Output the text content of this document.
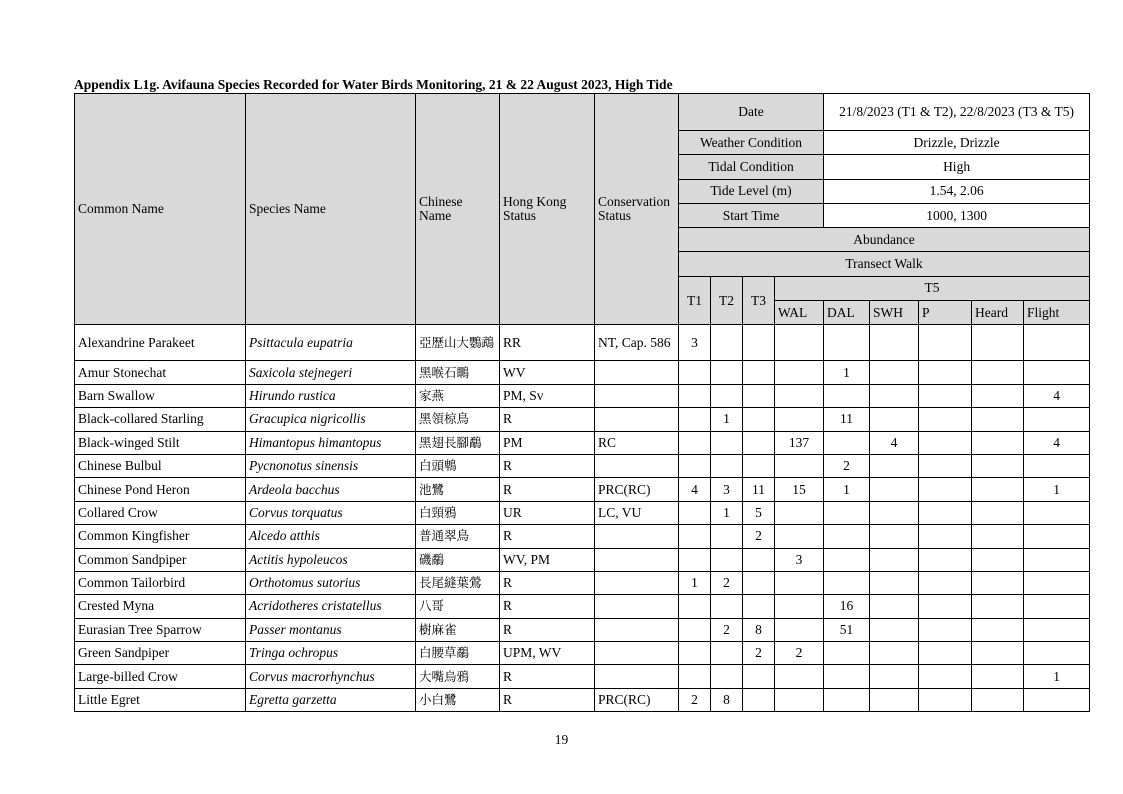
Appendix L1g. Avifauna Species Recorded for Water Birds Monitoring, 21 & 22 August 2023, High Tide
Common Name	Species Name	Chinese Name	Hong Kong Status	Conservation Status	Date				21/8/2023 (T1 & T2), 22/8/2023 (T3 & T5)				
					Weather Condition				Drizzle, Drizzle				
					Tidal Condition				High				
					Tide Level (m)				1.54, 2.06				
					Start Time				1000, 1300				
					Abundance								
					Transect Walk								
					T1	T2	T3	T5					
								WAL	DAL	SWH	P	Heard	Flight
Alexandrine Parakeet	Psittacula eupatria	亞歷山大鸚鵡	RR	NT, Cap. 586	3								
Amur Stonechat	Saxicola stejnegeri	黑喉石䳭	WV						1				
Barn Swallow	Hirundo rustica	家燕	PM, Sv										4
Black-collared Starling	Gracupica nigricollis	黑領椋鳥	R			1			11				
Black-winged Stilt	Himantopus himantopus	黑翅長腳鷸	PM	RC				137		4			4
Chinese Bulbul	Pycnonotus sinensis	白頭鵯	R						2				
Chinese Pond Heron	Ardeola bacchus	池鷺	R	PRC(RC)	4	3	11	15	1				1
Collared Crow	Corvus torquatus	白頸鴉	UR	LC, VU		1	5						
Common Kingfisher	Alcedo atthis	普通翠鳥	R				2						
Common Sandpiper	Actitis hypoleucos	磯鷸	WV, PM					3					
Common Tailorbird	Orthotomus sutorius	長尾縫葉鶯	R		1	2							
Crested Myna	Acridotheres cristatellus	八哥	R						16				
Eurasian Tree Sparrow	Passer montanus	樹麻雀	R			2	8		51				
Green Sandpiper	Tringa ochropus	白腰草鷸	UPM, WV				2	2					
Large-billed Crow	Corvus macrorhynchus	大嘴烏鴉	R										1
Little Egret	Egretta garzetta	小白鷺	R	PRC(RC)	2	8							
19
